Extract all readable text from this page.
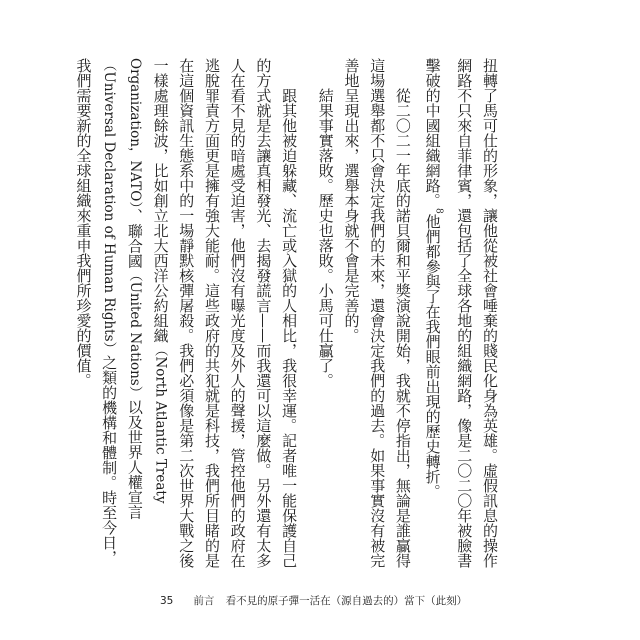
扭轉了馬可仕的形象，讓他從被社會唾棄的賤民化身為英雄。虛假訊息的操作網路不只來自菲律賓，還包括了全球各地的組織網路，像是二〇二〇年被臉書擊破的中國組織網路。$^8$他們都參與了在我們眼前出現的歷史轉折。

從二〇二一年底的諾貝爾和平獎演說開始，我就不停指出，無論是誰贏得這場選舉都不只會決定我們的未來，還會決定我們的過去。如果事實沒有被完善地呈現出來，選舉本身就不會是完善的。

結果事實落敗。歷史也落敗。小馬可仕贏了。

跟其他被迫躲藏、流亡或入獄的人相比，我很幸運。記者唯一能保護自己的方式就是去讓真相發光、去揭發謊言——而我還可以這麼做。另外還有太多人在看不見的暗處受迫害，他們沒有曝光度及外人的聲援，管控他們的政府在逃脫罪責方面更是擁有強大能耐。這些政府的共犯就是科技，我們所目睹的是在這個資訊生態系中的一場靜默核彈屠殺。我們必須像是第二次世界大戰之後一樣處理餘波，比如創立北大西洋公約組織（North Atlantic Treaty Organization，NATO）、聯合國（United Nations）以及世界人權宣言（Universal Declaration of Human Rights）之類的機構和體制。時至今日，我們需要新的全球組織來重申我們所珍愛的價值。

35 前言 看不見的原子彈一活在（源自過去的）當下（此刻）
